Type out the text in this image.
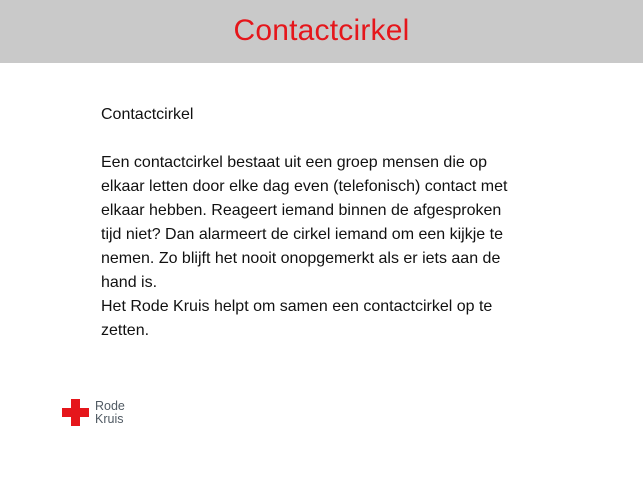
Contactcirkel
Contactcirkel

Een contactcirkel bestaat uit een groep mensen die op
elkaar letten door elke dag even (telefonisch) contact met
elkaar hebben. Reageert iemand binnen de afgesproken
tijd niet? Dan alarmeert de cirkel iemand om een kijkje te
nemen. Zo blijft het nooit onopgemerkt als er iets aan de
hand is.

Het Rode Kruis helpt om samen een contactcirkel op te
zetten.

Rode
Kruis
